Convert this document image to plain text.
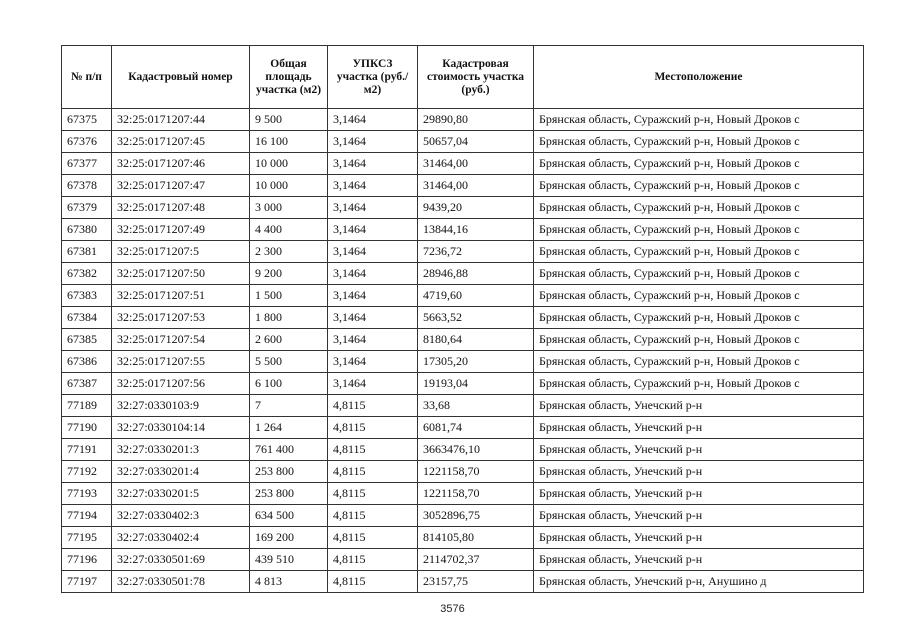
№ п/п	Кадастровый номер	Общая площадь участка (м2)	УПКСЗ участка (руб./м2)	Кадастровая стоимость участка (руб.)	Местоположение
67375	32:25:0171207:44	9 500	3,1464	29890,80	Брянская область, Суражский р-н, Новый Дроков с
67376	32:25:0171207:45	16 100	3,1464	50657,04	Брянская область, Суражский р-н, Новый Дроков с
67377	32:25:0171207:46	10 000	3,1464	31464,00	Брянская область, Суражский р-н, Новый Дроков с
67378	32:25:0171207:47	10 000	3,1464	31464,00	Брянская область, Суражский р-н, Новый Дроков с
67379	32:25:0171207:48	3 000	3,1464	9439,20	Брянская область, Суражский р-н, Новый Дроков с
67380	32:25:0171207:49	4 400	3,1464	13844,16	Брянская область, Суражский р-н, Новый Дроков с
67381	32:25:0171207:5	2 300	3,1464	7236,72	Брянская область, Суражский р-н, Новый Дроков с
67382	32:25:0171207:50	9 200	3,1464	28946,88	Брянская область, Суражский р-н, Новый Дроков с
67383	32:25:0171207:51	1 500	3,1464	4719,60	Брянская область, Суражский р-н, Новый Дроков с
67384	32:25:0171207:53	1 800	3,1464	5663,52	Брянская область, Суражский р-н, Новый Дроков с
67385	32:25:0171207:54	2 600	3,1464	8180,64	Брянская область, Суражский р-н, Новый Дроков с
67386	32:25:0171207:55	5 500	3,1464	17305,20	Брянская область, Суражский р-н, Новый Дроков с
67387	32:25:0171207:56	6 100	3,1464	19193,04	Брянская область, Суражский р-н, Новый Дроков с
77189	32:27:0330103:9	7	4,8115	33,68	Брянская область, Унечский р-н
77190	32:27:0330104:14	1 264	4,8115	6081,74	Брянская область, Унечский р-н
77191	32:27:0330201:3	761 400	4,8115	3663476,10	Брянская область, Унечский р-н
77192	32:27:0330201:4	253 800	4,8115	1221158,70	Брянская область, Унечский р-н
77193	32:27:0330201:5	253 800	4,8115	1221158,70	Брянская область, Унечский р-н
77194	32:27:0330402:3	634 500	4,8115	3052896,75	Брянская область, Унечский р-н
77195	32:27:0330402:4	169 200	4,8115	814105,80	Брянская область, Унечский р-н
77196	32:27:0330501:69	439 510	4,8115	2114702,37	Брянская область, Унечский р-н
77197	32:27:0330501:78	4 813	4,8115	23157,75	Брянская область, Унечский р-н, Анушино д
3576
